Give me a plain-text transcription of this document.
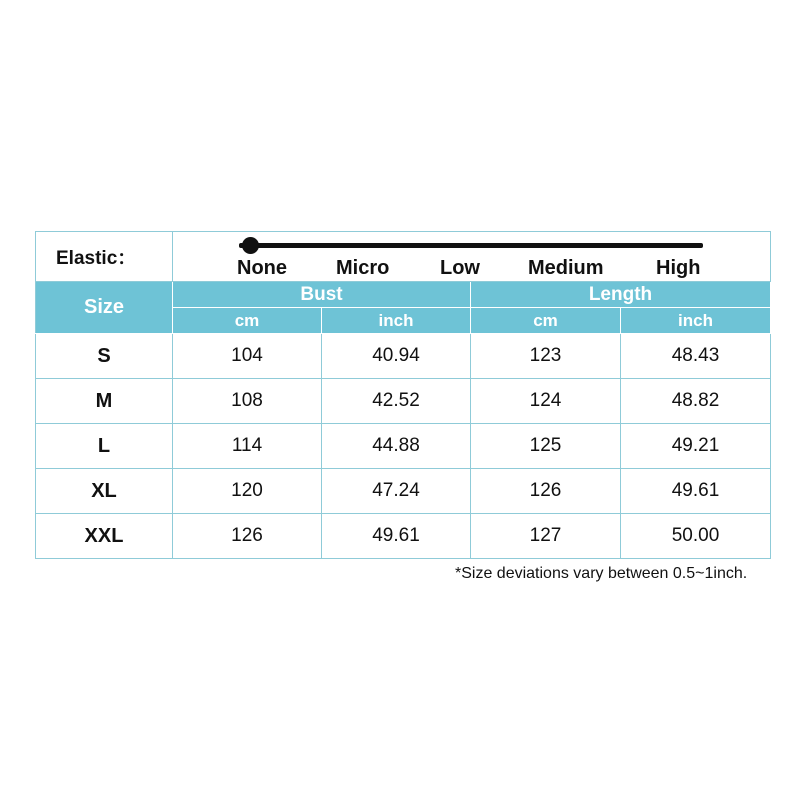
Elastic：	None Micro Low Medium High			

Size	Bust		Length	
	cm	inch	cm	inch
S	104	40.94	123	48.43
M	108	42.52	124	48.82
L	114	44.88	125	49.21
XL	120	47.24	126	49.61
XXL	126	49.61	127	50.00
*Size deviations vary between 0.5~1inch.
